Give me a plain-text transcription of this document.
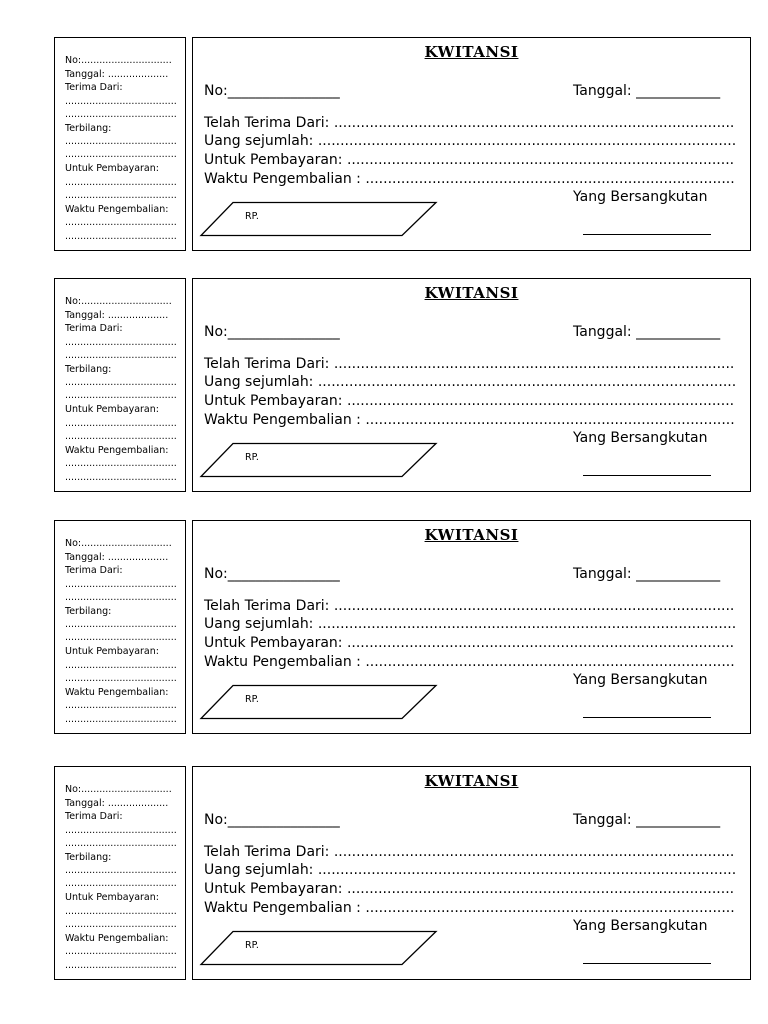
No:..............................
Tanggal: ....................
Terima Dari:
.....................................
.....................................
Terbilang:
.....................................
.....................................
Untuk Pembayaran:
.....................................
.....................................
Waktu Pengembalian:
.....................................
.....................................
KWITANSI
No:________________	Tanggal: ____________
Telah Terima Dari: ..........................................................................................
Uang sejumlah: ..............................................................................................
Untuk Pembayaran: .......................................................................................
Waktu Pengembalian : ...................................................................................
RP.
Yang Bersangkutan
No:..............................
Tanggal: ....................
Terima Dari:
.....................................
.....................................
Terbilang:
.....................................
.....................................
Untuk Pembayaran:
.....................................
.....................................
Waktu Pengembalian:
.....................................
.....................................
KWITANSI
No:________________	Tanggal: ____________
Telah Terima Dari: ..........................................................................................
Uang sejumlah: ..............................................................................................
Untuk Pembayaran: .......................................................................................
Waktu Pengembalian : ...................................................................................
RP.
Yang Bersangkutan
No:..............................
Tanggal: ....................
Terima Dari:
.....................................
.....................................
Terbilang:
.....................................
.....................................
Untuk Pembayaran:
.....................................
.....................................
Waktu Pengembalian:
.....................................
.....................................
KWITANSI
No:________________	Tanggal: ____________
Telah Terima Dari: ..........................................................................................
Uang sejumlah: ..............................................................................................
Untuk Pembayaran: .......................................................................................
Waktu Pengembalian : ...................................................................................
RP.
Yang Bersangkutan
No:..............................
Tanggal: ....................
Terima Dari:
.....................................
.....................................
Terbilang:
.....................................
.....................................
Untuk Pembayaran:
.....................................
.....................................
Waktu Pengembalian:
.....................................
.....................................
KWITANSI
No:________________	Tanggal: ____________
Telah Terima Dari: ..........................................................................................
Uang sejumlah: ..............................................................................................
Untuk Pembayaran: .......................................................................................
Waktu Pengembalian : ...................................................................................
RP.
Yang Bersangkutan
